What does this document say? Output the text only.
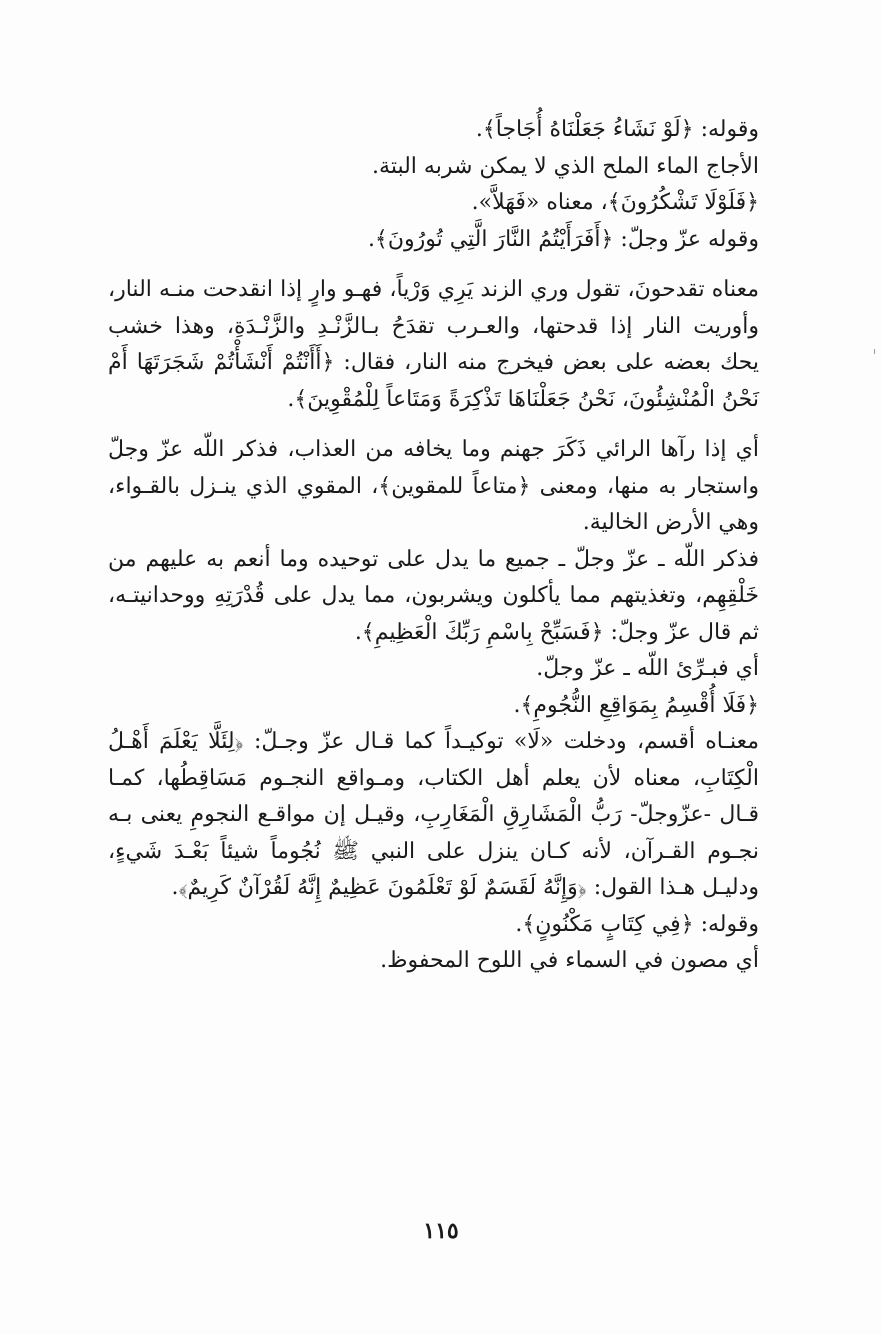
وقوله: ﴿لَوْ نَشَاءُ جَعَلْنَاهُ أُجَاجاً﴾.

الأجاج الماء الملح الذي لا يمكن شربه البتة.

﴿فَلَوْلَا تَشْكُرُونَ﴾، معناه «فَهَلاَّ».

وقوله عزّ وجلّ: ﴿أَفَرَأَيْتُمُ النَّارَ الَّتِي تُورُونَ﴾.

معناه تقدحونَ، تقول وري الزند يَرِي وَرْياً، فهـو وارٍ إذا انقدحت منـه النار، وأوريت النار إذا قدحتها، والعـرب تقدَحُ بـالزَّنْـدِ والزَّنْـدَةِ، وهذا خشب يحك بعضه على بعض فيخرج منه النار، فقال: ﴿أَأَنْتُمْ أَنْشَأْتُمْ شَجَرَتَهَا أَمْ نَحْنُ الْمُنْشِئُونَ، نَحْنُ جَعَلْنَاهَا تَذْكِرَةً وَمَتَاعاً لِلْمُقْوِينَ﴾.

أي إذا رآها الرائي ذَكَرَ جهنم وما يخافه من العذاب، فذكر اللّه عزّ وجلّ واستجار به منها، ومعنى ﴿متاعاً للمقوين﴾، المقوي الذي ينـزل بالقـواء، وهي الأرض الخالية.

فذكر اللّه ـ عزّ وجلّ ـ جميع ما يدل على توحيده وما أنعم به عليهم من خَلْقِهِم، وتغذيتهم مما يأكلون ويشربون، مما يدل على قُدْرَتِهِ ووحدانيتـه، ثم قال عزّ وجلّ: ﴿فَسَبِّحْ بِاسْمِ رَبِّكَ الْعَظِيمِ﴾.

أي فبـرِّئ اللّه ـ عزّ وجلّ.

﴿فَلَا أُقْسِمُ بِمَوَاقِعِ النُّجُومِ﴾.

معنـاه أقسم، ودخلت «لَا» توكيـداً كما قـال عزّ وجـلّ: ﴿لِئَلَّا يَعْلَمَ أَهْـلُ الْكِتَابِ، معناه لأن يعلم أهل الكتاب، ومـواقع النجـوم مَسَاقِطُها، كمـا قـال -عزّوجلّ- رَبُّ الْمَشَارِقِ الْمَغَارِبِ، وقيـل إن مواقـع النجومِ يعنى بـه نجـوم القـرآن، لأنه كـان ينزل على النبي ﷺ نُجُوماً شيئاً بَعْـدَ شَيءٍ، ودليـل هـذا القول: ﴿وَإِنَّهُ لَقَسَمٌ لَوْ تَعْلَمُونَ عَظِيمٌ إِنَّهُ لَقُرْآنٌ كَرِيمٌ﴾.

وقوله: ﴿فِي كِتَابٍ مَكْنُونٍ﴾.

أي مصون في السماء في اللوح المحفوظ.

١١٥
